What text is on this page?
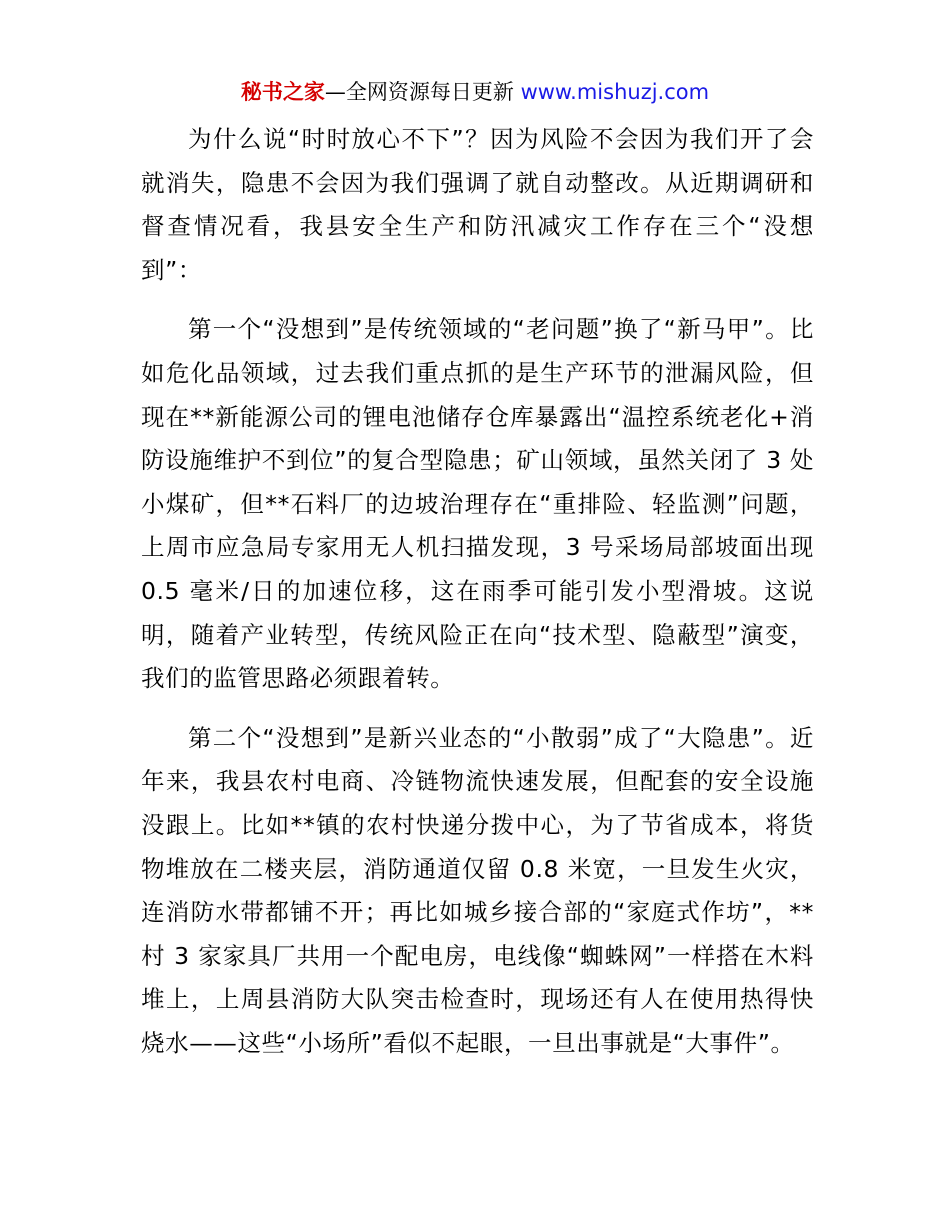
秘书之家—全网资源每日更新 www.mishuzj.com

为什么说“时时放心不下”？因为风险不会因为我们开了会就消失，隐患不会因为我们强调了就自动整改。从近期调研和督查情况看，我县安全生产和防汛减灾工作存在三个“没想到”：

第一个“没想到”是传统领域的“老问题”换了“新马甲”。比如危化品领域，过去我们重点抓的是生产环节的泄漏风险，但现在**新能源公司的锂电池储存仓库暴露出“温控系统老化+消防设施维护不到位”的复合型隐患；矿山领域，虽然关闭了 3 处小煤矿，但**石料厂的边坡治理存在“重排险、轻监测”问题，上周市应急局专家用无人机扫描发现，3 号采场局部坡面出现 0.5 毫米/日的加速位移，这在雨季可能引发小型滑坡。这说明，随着产业转型，传统风险正在向“技术型、隐蔽型”演变，我们的监管思路必须跟着转。

第二个“没想到”是新兴业态的“小散弱”成了“大隐患”。近年来，我县农村电商、冷链物流快速发展，但配套的安全设施没跟上。比如**镇的农村快递分拨中心，为了节省成本，将货物堆放在二楼夹层，消防通道仅留 0.8 米宽，一旦发生火灾，连消防水带都铺不开；再比如城乡接合部的“家庭式作坊”，**村 3 家家具厂共用一个配电房，电线像“蜘蛛网”一样搭在木料堆上，上周县消防大队突击检查时，现场还有人在使用热得快烧水——这些“小场所”看似不起眼，一旦出事就是“大事件”。
